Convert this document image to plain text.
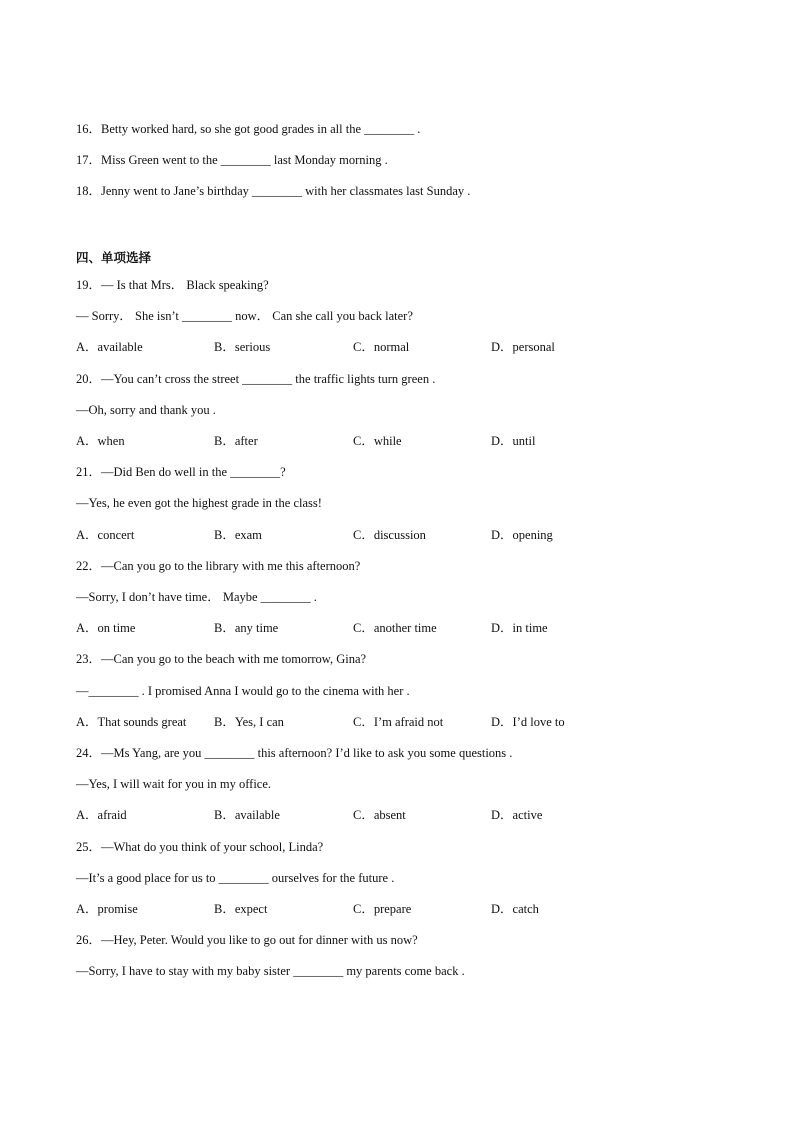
16．Betty worked hard, so she got good grades in all the ________ .
17．Miss Green went to the ________ last Monday morning .
18．Jenny went to Jane’s birthday ________ with her classmates last Sunday .
四、单项选择
19．— Is that Mrs． Black speaking?
— Sorry． She isn’t ________ now． Can she call you back later?
A．available	B．serious	C．normal	D．personal
20．—You can’t cross the street ________ the traffic lights turn green .
—Oh, sorry and thank you .
A．when	B．after	C．while	D．until
21．—Did Ben do well in the ________?
—Yes, he even got the highest grade in the class!
A．concert	B．exam	C．discussion	D．opening
22．—Can you go to the library with me this afternoon?
—Sorry, I don’t have time． Maybe ________ .
A．on time	B．any time	C．another time	D．in time
23．—Can you go to the beach with me tomorrow, Gina?
—________ . I promised Anna I would go to the cinema with her .
A．That sounds great B．Yes, I can	C．I’m afraid not	D．I’d love to
24．—Ms Yang, are you ________ this afternoon? I’d like to ask you some questions .
—Yes, I will wait for you in my office.
A．afraid	B．available	C．absent	D．active
25．—What do you think of your school, Linda?
—It’s a good place for us to ________ ourselves for the future .
A．promise	B．expect	C．prepare	D．catch
26．—Hey, Peter. Would you like to go out for dinner with us now?
—Sorry, I have to stay with my baby sister ________ my parents come back .
